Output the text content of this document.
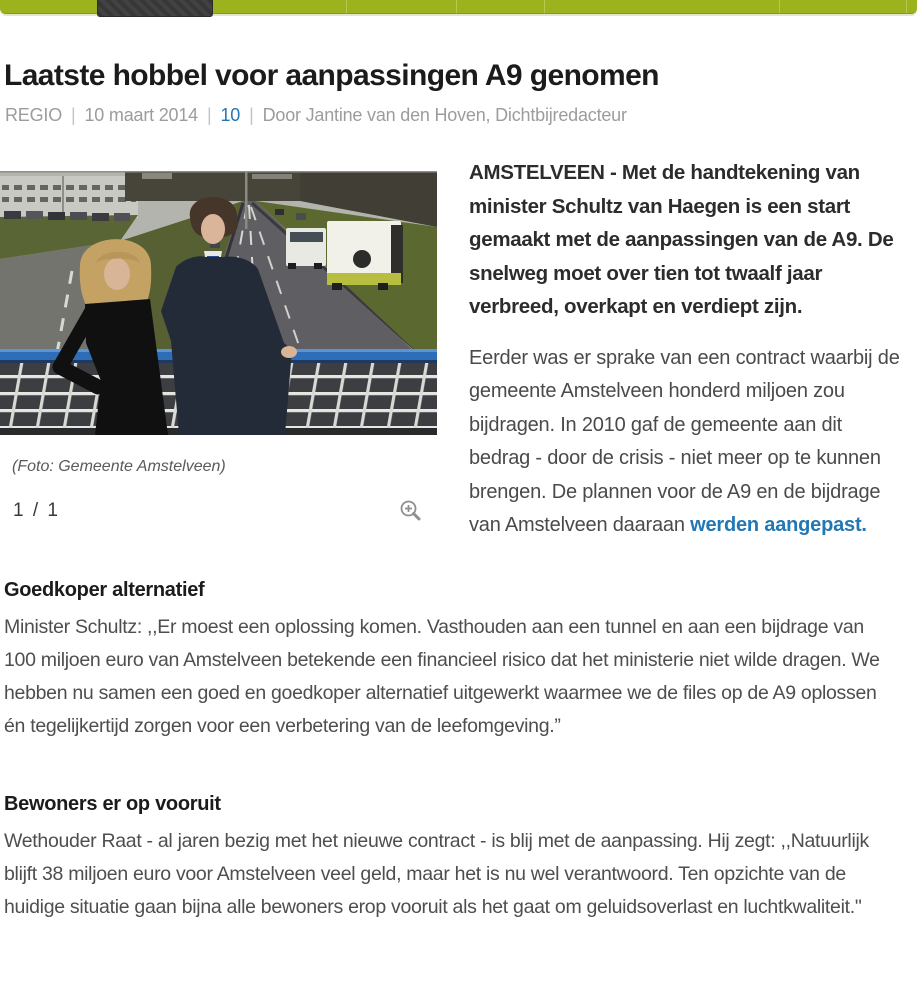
Laatste hobbel voor aanpassingen A9 genomen
REGIO | 10 maart 2014 | 10 | Door Jantine van den Hoven, Dichtbijredacteur
(Foto: Gemeente Amstelveen)
1 / 1

AMSTELVEEN - Met de handtekening van minister Schultz van Haegen is een start gemaakt met de aanpassingen van de A9. De snelweg moet over tien tot twaalf jaar verbreed, overkapt en verdiept zijn.

Eerder was er sprake van een contract waarbij de gemeente Amstelveen honderd miljoen zou bijdragen. In 2010 gaf de gemeente aan dit bedrag - door de crisis - niet meer op te kunnen brengen. De plannen voor de A9 en de bijdrage van Amstelveen daaraan werden aangepast.

Goedkoper alternatief

Minister Schultz: ,,Er moest een oplossing komen. Vasthouden aan een tunnel en aan een bijdrage van 100 miljoen euro van Amstelveen betekende een financieel risico dat het ministerie niet wilde dragen. We hebben nu samen een goed en goedkoper alternatief uitgewerkt waarmee we de files op de A9 oplossen én tegelijkertijd zorgen voor een verbetering van de leefomgeving.”

Bewoners er op vooruit

Wethouder Raat - al jaren bezig met het nieuwe contract - is blij met de aanpassing. Hij zegt: ,,Natuurlijk blijft 38 miljoen euro voor Amstelveen veel geld, maar het is nu wel verantwoord. Ten opzichte van de huidige situatie gaan bijna alle bewoners erop vooruit als het gaat om geluidsoverlast en luchtkwaliteit."
